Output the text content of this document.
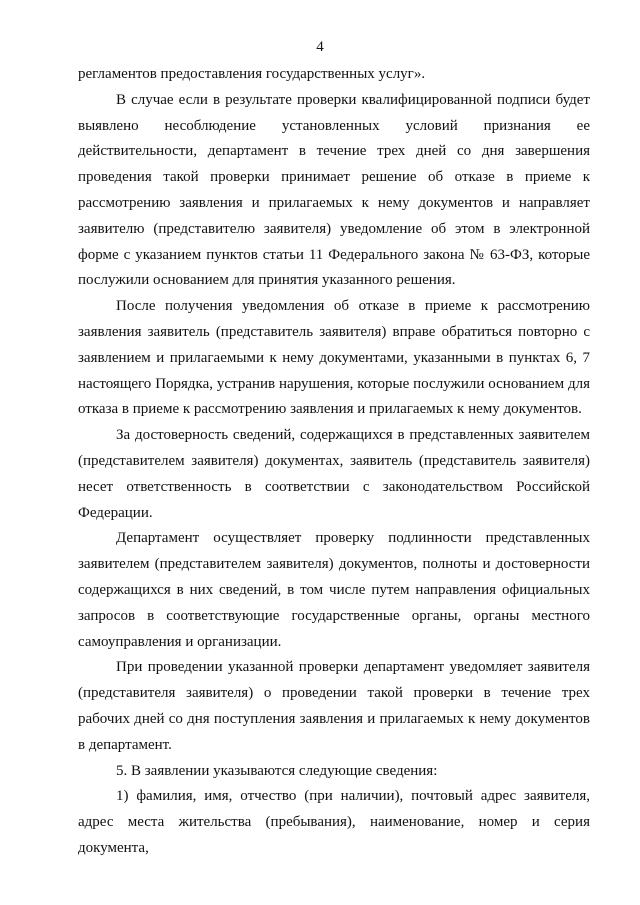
4

регламентов предоставления государственных услуг».

В случае если в результате проверки квалифицированной подписи будет выявлено несоблюдение установленных условий признания ее действительности, департамент в течение трех дней со дня завершения проведения такой проверки принимает решение об отказе в приеме к рассмотрению заявления и прилагаемых к нему документов и направляет заявителю (представителю заявителя) уведомление об этом в электронной форме с указанием пунктов статьи 11 Федерального закона № 63-ФЗ, которые послужили основанием для принятия указанного решения.

После получения уведомления об отказе в приеме к рассмотрению заявления заявитель (представитель заявителя) вправе обратиться повторно с заявлением и прилагаемыми к нему документами, указанными в пунктах 6, 7 настоящего Порядка, устранив нарушения, которые послужили основанием для отказа в приеме к рассмотрению заявления и прилагаемых к нему документов.

За достоверность сведений, содержащихся в представленных заявителем (представителем заявителя) документах, заявитель (представитель заявителя) несет ответственность в соответствии с законодательством Российской Федерации.

Департамент осуществляет проверку подлинности представленных заявителем (представителем заявителя) документов, полноты и достоверности содержащихся в них сведений, в том числе путем направления официальных запросов в соответствующие государственные органы, органы местного самоуправления и организации.

При проведении указанной проверки департамент уведомляет заявителя (представителя заявителя) о проведении такой проверки в течение трех рабочих дней со дня поступления заявления и прилагаемых к нему документов в департамент.

5. В заявлении указываются следующие сведения:

1) фамилия, имя, отчество (при наличии), почтовый адрес заявителя, адрес места жительства (пребывания), наименование, номер и серия документа,
